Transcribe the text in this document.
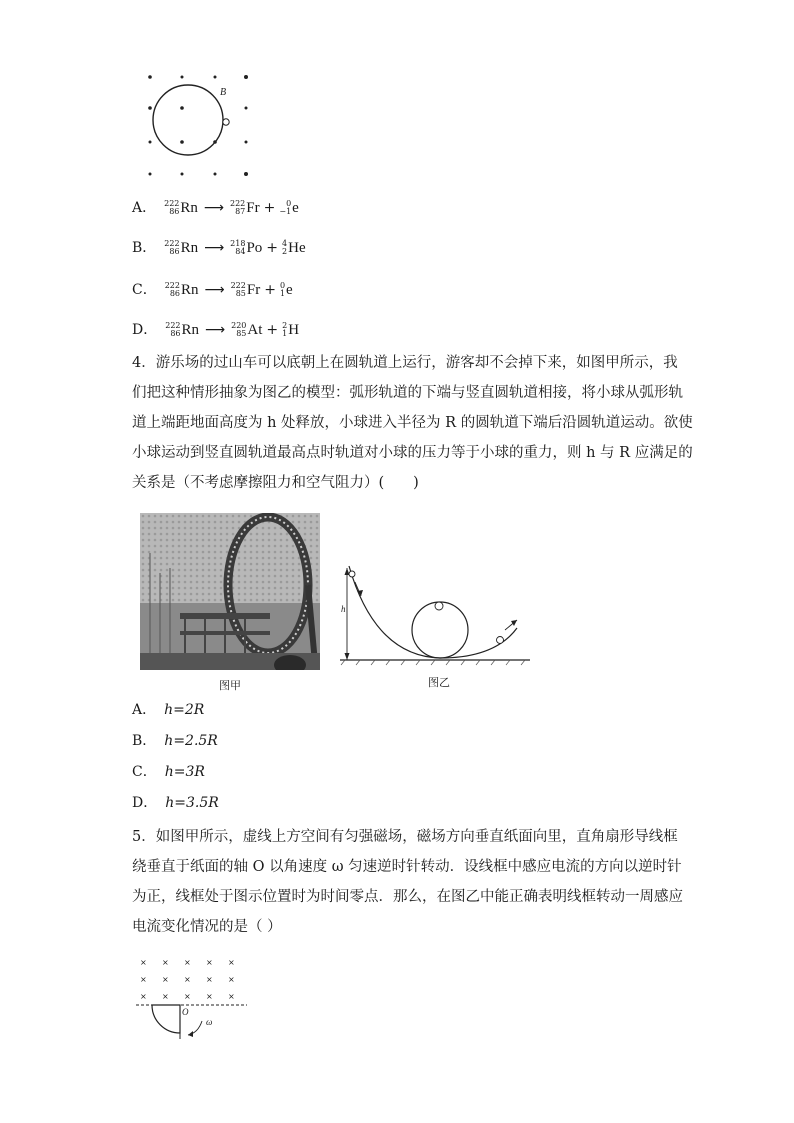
B
A． 222
86 Rn ⟶ 222
87 Fr +	0
−1 e
B． 222
86 Rn ⟶ 218
84 Po + 4
2 He
C． 222
86 Rn ⟶ 222
85 Fr + 0
1 e
D． 222
86 Rn ⟶ 220
85 At + 2
1 H
4．游乐场的过山车可以底朝上在圆轨道上运行，游客却不会掉下来，如图甲所示，我
们把这种情形抽象为图乙的模型：弧形轨道的下端与竖直圆轨道相接，将小球从弧形轨
道上端距地面高度为 h 处释放，小球进入半径为 R 的圆轨道下端后沿圆轨道运动。欲使
小球运动到竖直圆轨道最高点时轨道对小球的压力等于小球的重力，则 h 与 R 应满足的
关系是（不考虑摩擦阻力和空气阻力）(　　)
图甲
h
图乙
A． h=2R
B． h=2.5R
C． h=3R
D． h=3.5R
5．如图甲所示，虚线上方空间有匀强磁场，磁场方向垂直纸面向里，直角扇形导线框
绕垂直于纸面的轴 O 以角速度 ω 匀速逆时针转动．设线框中感应电流的方向以逆时针
为正，线框处于图示位置时为时间零点．那么，在图乙中能正确表明线框转动一周感应
电流变化情况的是（ ）
× × × × ×
× × × × ×
× × × × ×
O
ω
